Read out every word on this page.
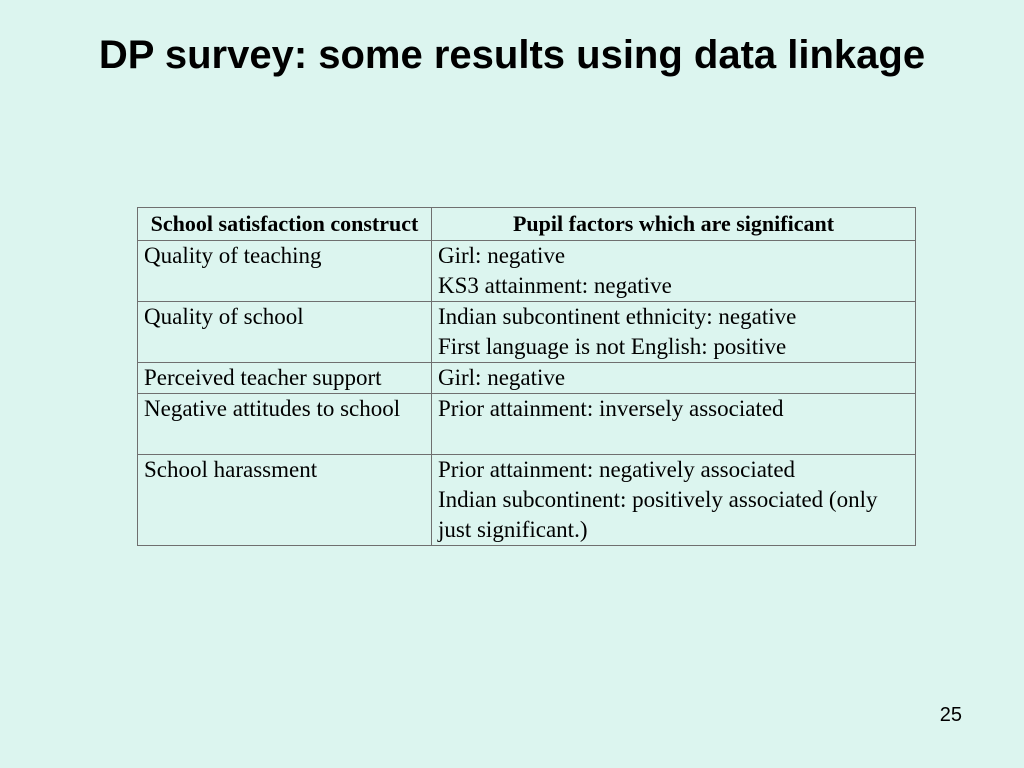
DP survey: some results using data linkage
School satisfaction construct	Pupil factors which are significant
Quality of teaching	Girl: negative
KS3 attainment: negative

Quality of school	Indian subcontinent ethnicity: negative
First language is not English: positive

Perceived teacher support	Girl: negative

Negative attitudes to school	Prior attainment: inversely associated

School harassment	Prior attainment: negatively associated
Indian subcontinent: positively associated (only just significant.)
25
